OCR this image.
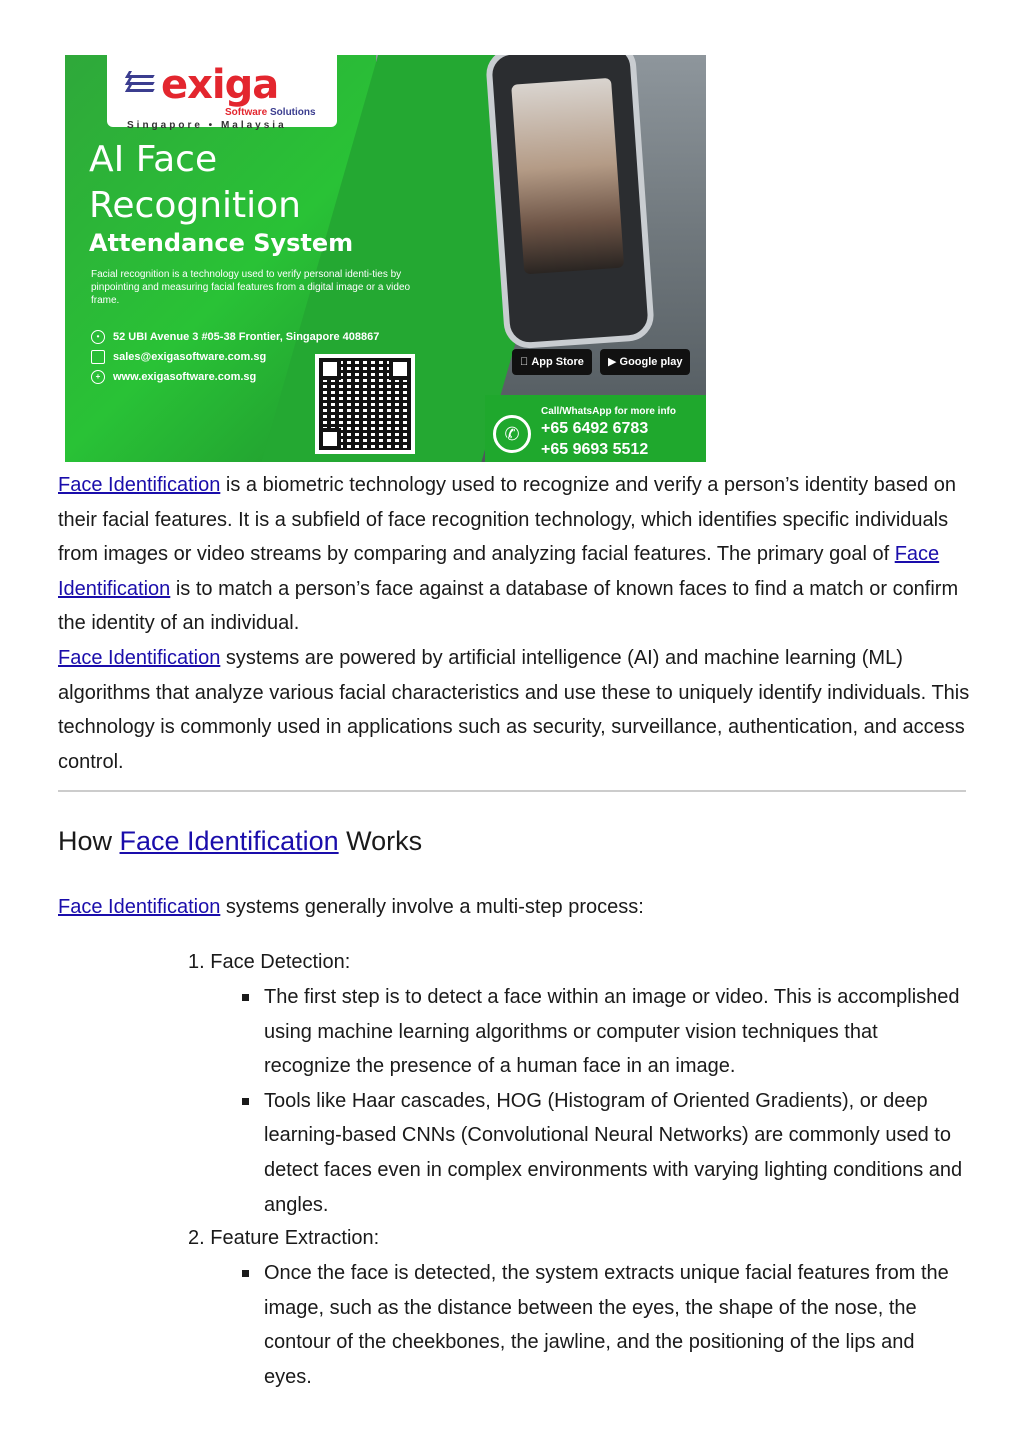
exiga
Software Solutions
Singapore • Malaysia
AI Face
Recognition
Attendance System
Facial recognition is a technology used to verify personal identi-ties by pinpointing and measuring facial features from a digital image or a video frame.
•	52 UBI Avenue 3 #05-38 Frontier, Singapore 408867
sales@exigasoftware.com.sg
+	www.exigasoftware.com.sg
App Store	▶ Google play
✆
Call/WhatsApp for more info
+65 6492 6783
+65 9693 5512

Face Identification is a biometric technology used to recognize and verify a person’s identity based on their facial features. It is a subfield of face recognition technology, which identifies specific individuals from images or video streams by comparing and analyzing facial features. The primary goal of Face Identification is to match a person’s face against a database of known faces to find a match or confirm the identity of an individual.
Face Identification systems are powered by artificial intelligence (AI) and machine learning (ML) algorithms that analyze various facial characteristics and use these to uniquely identify individuals. This technology is commonly used in applications such as security, surveillance, authentication, and access control.

How Face Identification Works

Face Identification systems generally involve a multi-step process:

1. Face Detection:

The first step is to detect a face within an image or video. This is accomplished using machine learning algorithms or computer vision techniques that recognize the presence of a human face in an image.
Tools like Haar cascades, HOG (Histogram of Oriented Gradients), or deep learning-based CNNs (Convolutional Neural Networks) are commonly used to detect faces even in complex environments with varying lighting conditions and angles.

2. Feature Extraction:

Once the face is detected, the system extracts unique facial features from the image, such as the distance between the eyes, the shape of the nose, the contour of the cheekbones, the jawline, and the positioning of the lips and eyes.
